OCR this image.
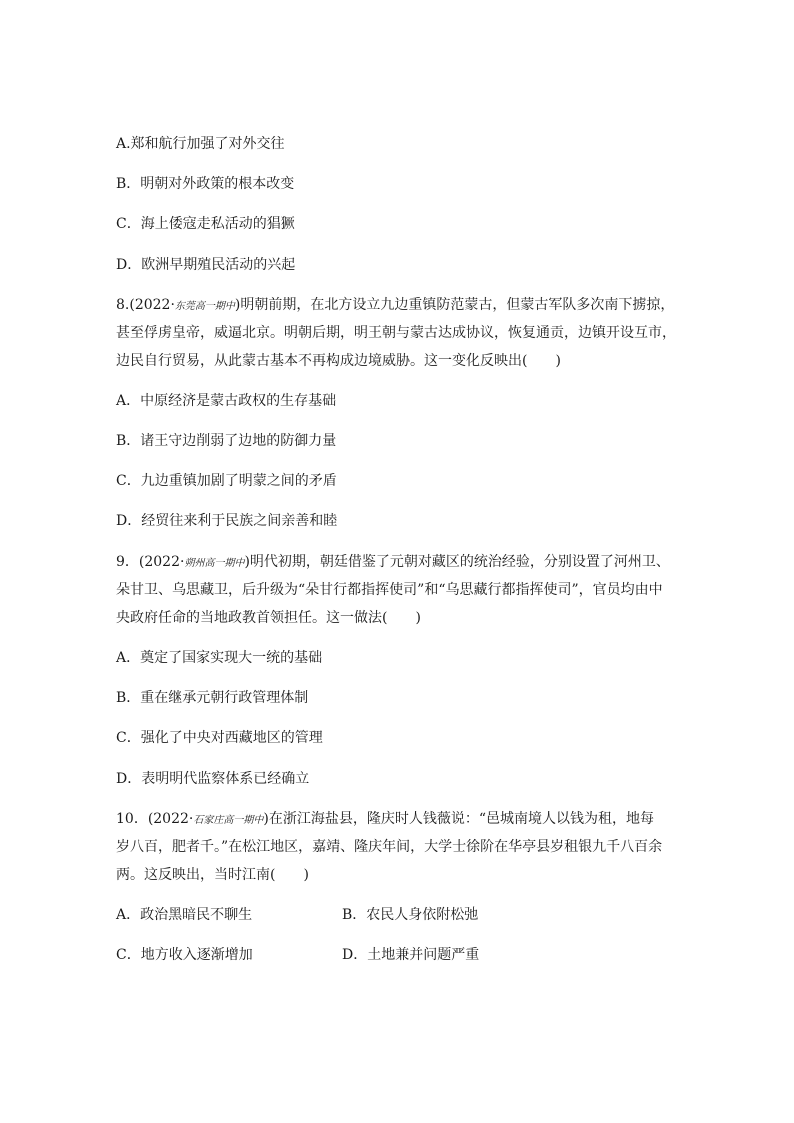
A.郑和航行加强了对外交往
B．明朝对外政策的根本改变
C．海上倭寇走私活动的猖獗
D．欧洲早期殖民活动的兴起
8.(2022·东莞高一期中)明朝前期，在北方设立九边重镇防范蒙古，但蒙古军队多次南下掳掠，
甚至俘虏皇帝，威逼北京。明朝后期，明王朝与蒙古达成协议，恢复通贡，边镇开设互市，
边民自行贸易，从此蒙古基本不再构成边境威胁。这一变化反映出(　　)
A．中原经济是蒙古政权的生存基础
B．诸王守边削弱了边地的防御力量
C．九边重镇加剧了明蒙之间的矛盾
D．经贸往来利于民族之间亲善和睦
9．(2022·朔州高一期中)明代初期，朝廷借鉴了元朝对藏区的统治经验，分别设置了河州卫、
朵甘卫、乌思藏卫，后升级为“朵甘行都指挥使司”和“乌思藏行都指挥使司”，官员均由中
央政府任命的当地政教首领担任。这一做法(　　)
A．奠定了国家实现大一统的基础
B．重在继承元朝行政管理体制
C．强化了中央对西藏地区的管理
D．表明明代监察体系已经确立
10．(2022·石家庄高一期中)在浙江海盐县，隆庆时人钱薇说：“邑城南境人以钱为租，地每
岁八百，肥者千。”在松江地区，嘉靖、隆庆年间，大学士徐阶在华亭县岁租银九千八百余
两。这反映出，当时江南(　　)
A．政治黑暗民不聊生	B．农民人身依附松弛
C．地方收入逐渐增加	D．土地兼并问题严重
